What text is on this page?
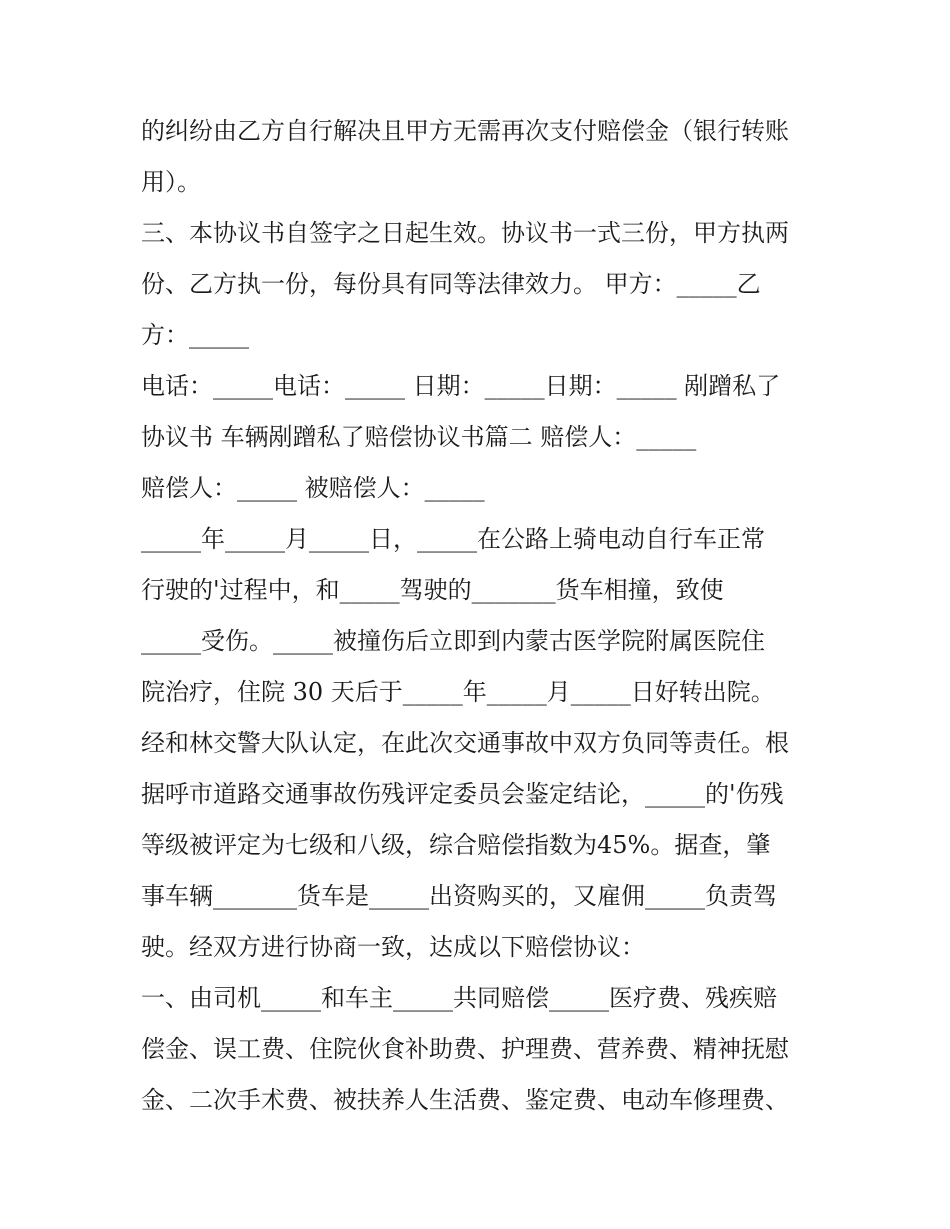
的纠纷由乙方自行解决且甲方无需再次支付赔偿金（银行转账
用）。
三、本协议书自签字之日起生效。协议书一式三份，甲方执两
份、乙方执一份，每份具有同等法律效力。 甲方：_____乙
方：_____
电话：_____电话：_____ 日期：_____日期：_____ 剐蹭私了
协议书 车辆剐蹭私了赔偿协议书篇二 赔偿人：_____
赔偿人：_____ 被赔偿人：_____
_____年_____月_____日，_____在公路上骑电动自行车正常
行驶的'过程中，和_____驾驶的_______货车相撞，致使
_____受伤。_____被撞伤后立即到内蒙古医学院附属医院住
院治疗，住院 30 天后于_____年_____月_____日好转出院。
经和林交警大队认定，在此次交通事故中双方负同等责任。根
据呼市道路交通事故伤残评定委员会鉴定结论，_____的'伤残
等级被评定为七级和八级，综合赔偿指数为45%。据查，肇
事车辆_______货车是_____出资购买的，又雇佣_____负责驾
驶。经双方进行协商一致，达成以下赔偿协议：
一、由司机_____和车主_____共同赔偿_____医疗费、残疾赔
偿金、误工费、住院伙食补助费、护理费、营养费、精神抚慰
金、二次手术费、被扶养人生活费、鉴定费、电动车修理费、
